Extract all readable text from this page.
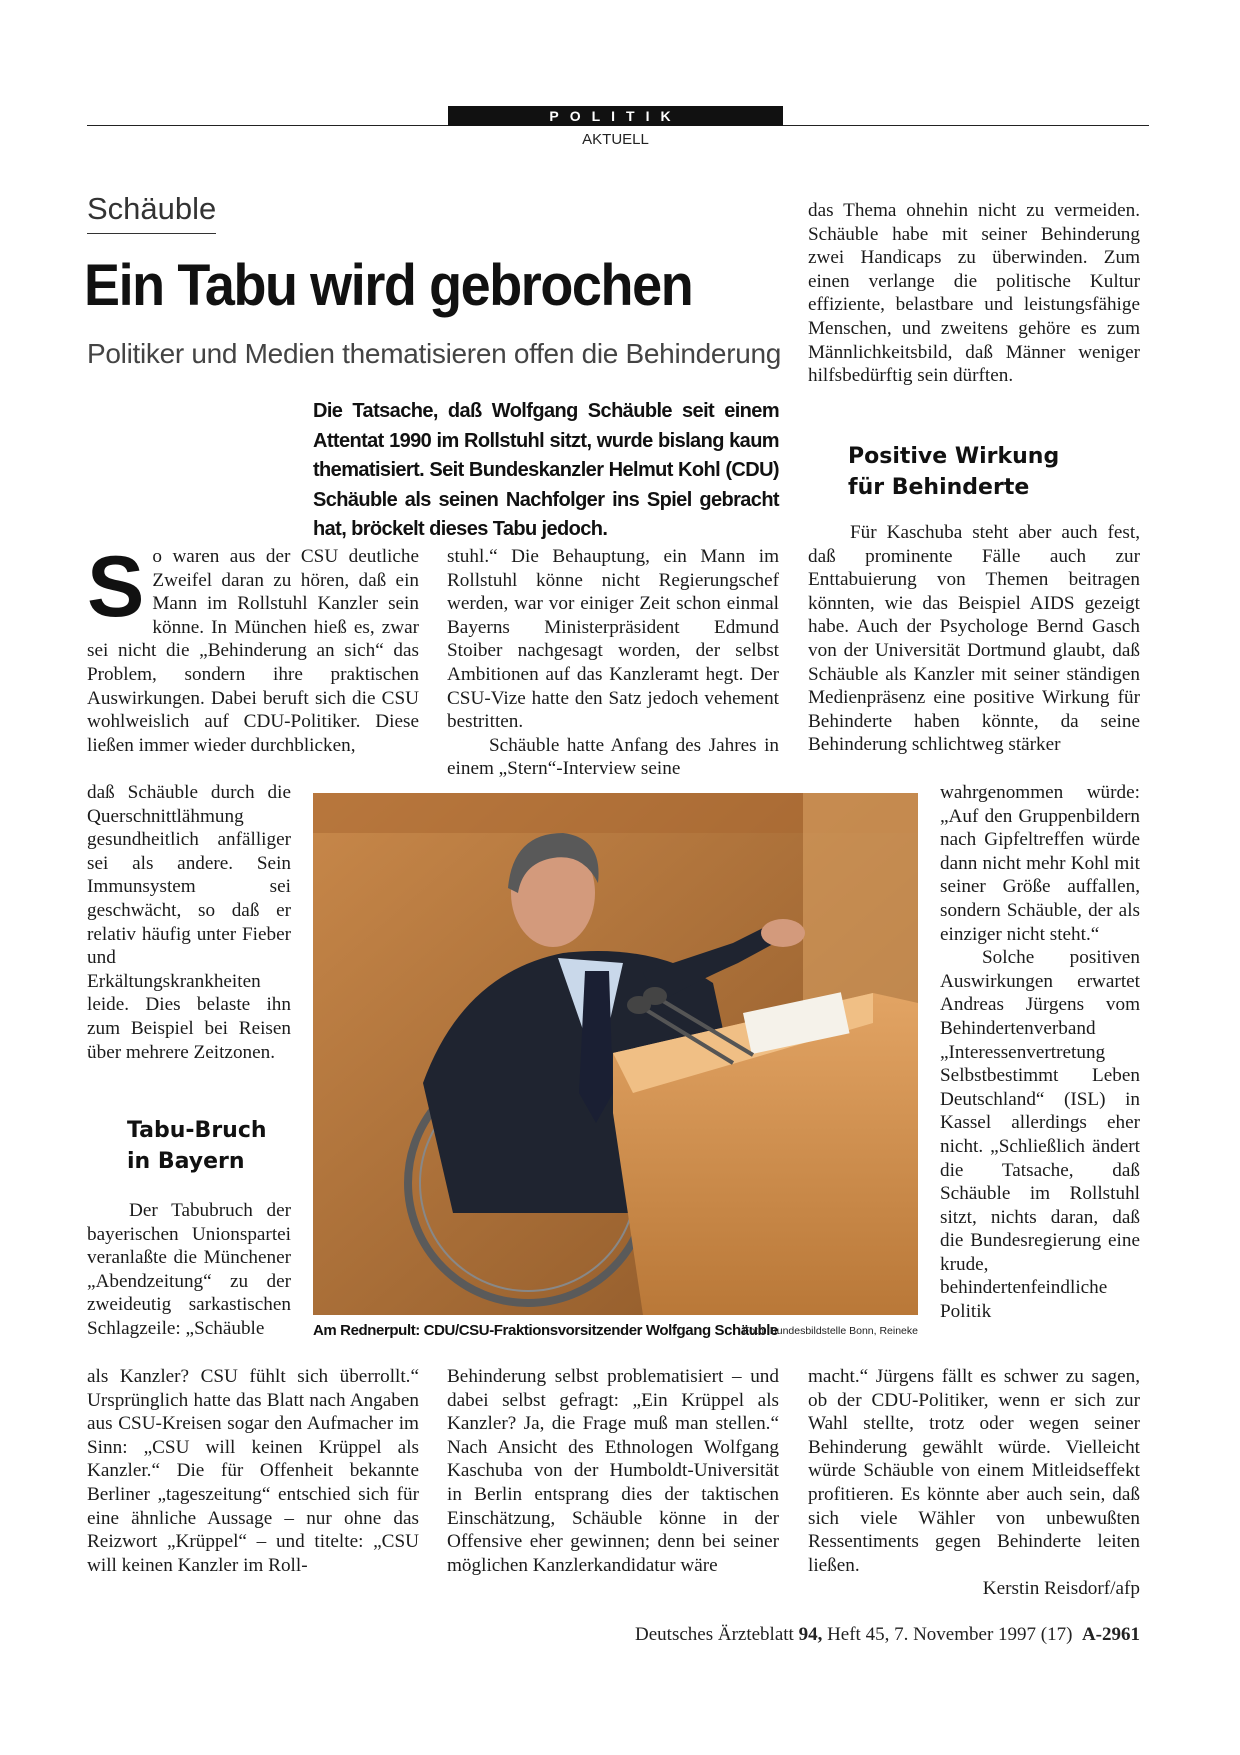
POLITIK
AKTUELL
Schäuble
Ein Tabu wird gebrochen
Politiker und Medien thematisieren offen die Behinderung
Die Tatsache, daß Wolfgang Schäuble seit einem Attentat 1990 im Rollstuhl sitzt, wurde bislang kaum thematisiert. Seit Bundeskanzler Helmut Kohl (CDU) Schäuble als seinen Nachfolger ins Spiel gebracht hat, bröckelt dieses Tabu jedoch.
S o waren aus der CSU deutliche Zweifel daran zu hören, daß ein Mann im Rollstuhl Kanzler sein könne. In München hieß es, zwar sei nicht die „Behinderung an sich“ das Problem, sondern ihre praktischen Auswirkungen. Dabei beruft sich die CSU wohlweislich auf CDU-Politiker. Diese ließen immer wieder durchblicken,

daß Schäuble durch die Querschnittlähmung gesundheitlich anfälliger sei als andere. Sein Immunsystem sei geschwächt, so daß er relativ häufig unter Fieber und Erkältungskrankheiten leide. Dies belaste ihn zum Beispiel bei Reisen über mehrere Zeitzonen.

Tabu-Bruch
in Bayern

Der Tabubruch der bayerischen Unionspartei veranlaßte die Münchener „Abendzeitung“ zu der zweideutig sarkastischen Schlagzeile: „Schäuble

als Kanzler? CSU fühlt sich überrollt.“ Ursprünglich hatte das Blatt nach Angaben aus CSU-Kreisen sogar den Aufmacher im Sinn: „CSU will keinen Krüppel als Kanzler.“ Die für Offenheit bekannte Berliner „tageszeitung“ entschied sich für eine ähnliche Aussage – nur ohne das Reizwort „Krüppel“ – und titelte: „CSU will keinen Kanzler im Roll-

stuhl.“ Die Behauptung, ein Mann im Rollstuhl könne nicht Regierungschef werden, war vor einiger Zeit schon einmal Bayerns Ministerpräsident Edmund Stoiber nachgesagt worden, der selbst Ambitionen auf das Kanzleramt hegt. Der CSU-Vize hatte den Satz jedoch vehement bestritten.

Schäuble hatte Anfang des Jahres in einem „Stern“-Interview seine

Behinderung selbst problematisiert – und dabei selbst gefragt: „Ein Krüppel als Kanzler? Ja, die Frage muß man stellen.“ Nach Ansicht des Ethnologen Wolfgang Kaschuba von der Humboldt-Universität in Berlin entsprang dies der taktischen Einschätzung, Schäuble könne in der Offensive eher gewinnen; denn bei seiner möglichen Kanzlerkandidatur wäre

das Thema ohnehin nicht zu vermeiden. Schäuble habe mit seiner Behinderung zwei Handicaps zu überwinden. Zum einen verlange die politische Kultur effiziente, belastbare und leistungsfähige Menschen, und zweitens gehöre es zum Männlichkeitsbild, daß Männer weniger hilfsbedürftig sein dürften.

Positive Wirkung
für Behinderte

Für Kaschuba steht aber auch fest, daß prominente Fälle auch zur Enttabuierung von Themen beitragen könnten, wie das Beispiel AIDS gezeigt habe. Auch der Psychologe Bernd Gasch von der Universität Dortmund glaubt, daß Schäuble als Kanzler mit seiner ständigen Medienpräsenz eine positive Wirkung für Behinderte haben könnte, da seine Behinderung schlichtweg stärker

wahrgenommen würde: „Auf den Gruppenbildern nach Gipfeltreffen würde dann nicht mehr Kohl mit seiner Größe auffallen, sondern Schäuble, der als einziger nicht steht.“

Solche positiven Auswirkungen erwartet Andreas Jürgens vom Behindertenverband „Interessenvertretung Selbstbestimmt Leben Deutschland“ (ISL) in Kassel allerdings eher nicht. „Schließlich ändert die Tatsache, daß Schäuble im Rollstuhl sitzt, nichts daran, daß die Bundesregierung eine krude, behindertenfeindliche Politik

macht.“ Jürgens fällt es schwer zu sagen, ob der CDU-Politiker, wenn er sich zur Wahl stellte, trotz oder wegen seiner Behinderung gewählt würde. Vielleicht würde Schäuble von einem Mitleidseffekt profitieren. Es könnte aber auch sein, daß sich viele Wähler von unbewußten Ressentiments gegen Behinderte leiten ließen.

Kerstin Reisdorf/afp

Am Rednerpult: CDU/CSU-Fraktionsvorsitzender Wolfgang Schäuble
Foto: Bundesbildstelle Bonn, Reineke
Deutsches Ärzteblatt 94, Heft 45, 7. November 1997 (17) A-2961
